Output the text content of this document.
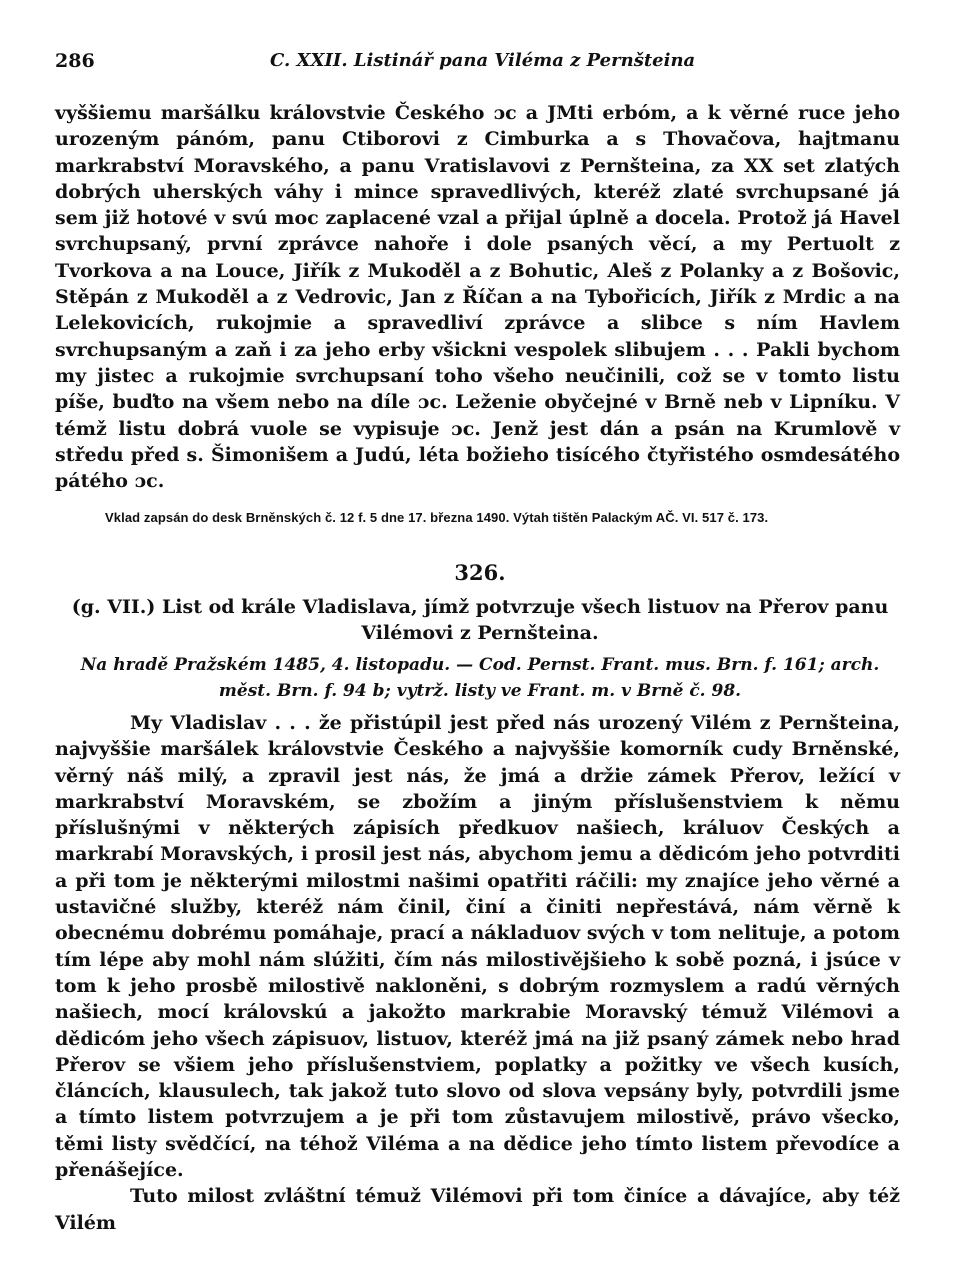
286	C. XXII. Listinář pana Viléma z Pernšteina

vyššiemu maršálku královstvie Českého ɔc a JMti erbóm, a k věrné ruce jeho urozeným pánóm, panu Ctiborovi z Cimburka a s Thovačova, hajtmanu markrabství Moravského, a panu Vratislavovi z Pernšteina, za XX set zlatých dobrých uherských váhy i mince spravedlivých, kteréž zlaté svrchupsané já sem již hotové v svú moc zaplacené vzal a přijal úplně a docela. Protož já Havel svrchupsaný, první zprávce nahoře i dole psaných věcí, a my Pertuolt z Tvorkova a na Louce, Jiřík z Mukoděl a z Bohutic, Aleš z Polanky a z Bošovic, Stěpán z Mukoděl a z Vedrovic, Jan z Říčan a na Tybořicích, Jiřík z Mrdic a na Lelekovicích, rukojmie a spravedliví zprávce a slibce s ním Havlem svrchupsaným a zaň i za jeho erby všickni vespolek slibujem . . . Pakli bychom my jistec a rukojmie svrchupsaní toho všeho neučinili, což se v tomto listu píše, buďto na všem nebo na díle ɔc. Leženie obyčejné v Brně neb v Lipníku. V témž listu dobrá vuole se vypisuje ɔc. Jenž jest dán a psán na Krumlově v středu před s. Šimonišem a Judú, léta božieho tisícého čtyřistého osmdesátého pátého ɔc.

Vklad zapsán do desk Brněnských č. 12 f. 5 dne 17. března 1490. Výtah tištěn Palackým AČ. VI. 517 č. 173.
326.
(g. VII.) List od krále Vladislava, jímž potvrzuje všech listuov na Přerov panu Vilémovi z Pernšteina.
Na hradě Pražském 1485, 4. listopadu. — Cod. Pernst. Frant. mus. Brn. f. 161; arch. měst. Brn. f. 94 b; vytrž. listy ve Frant. m. v Brně č. 98.

My Vladislav . . . že přistúpil jest před nás urozený Vilém z Pernšteina, najvyššie maršálek královstvie Českého a najvyššie komorník cudy Brněnské, věrný náš milý, a zpravil jest nás, že jmá a držie zámek Přerov, ležící v markrabství Moravském, se zbožím a jiným příslušenstviem k němu příslušnými v některých zápisích předkuov našiech, králuov Českých a markrabí Moravských, i prosil jest nás, abychom jemu a dědicóm jeho potvrditi a při tom je některými milostmi našimi opatřiti ráčili: my znajíce jeho věrné a ustavičné služby, kteréž nám činil, činí a činiti nepřestává, nám věrně k obecnému dobrému pomáhaje, prací a nákladuov svých v tom nelituje, a potom tím lépe aby mohl nám slúžiti, čím nás milostivějšieho k sobě pozná, i jsúce v tom k jeho prosbě milostivě nakloněni, s dobrým rozmyslem a radú věrných našiech, mocí královskú a jakožto markrabie Moravský témuž Vilémovi a dědicóm jeho všech zápisuov, listuov, kteréž jmá na již psaný zámek nebo hrad Přerov se všiem jeho příslušenstviem, poplatky a požitky ve všech kusích, článcích, klausulech, tak jakož tuto slovo od slova vepsány byly, potvrdili jsme a tímto listem potvrzujem a je při tom zůstavujem milostivě, právo všecko, těmi listy svědčící, na téhož Viléma a na dědice jeho tímto listem převodíce a přenášejíce.

Tuto milost zvláštní témuž Vilémovi při tom činíce a dávajíce, aby též Vilém
